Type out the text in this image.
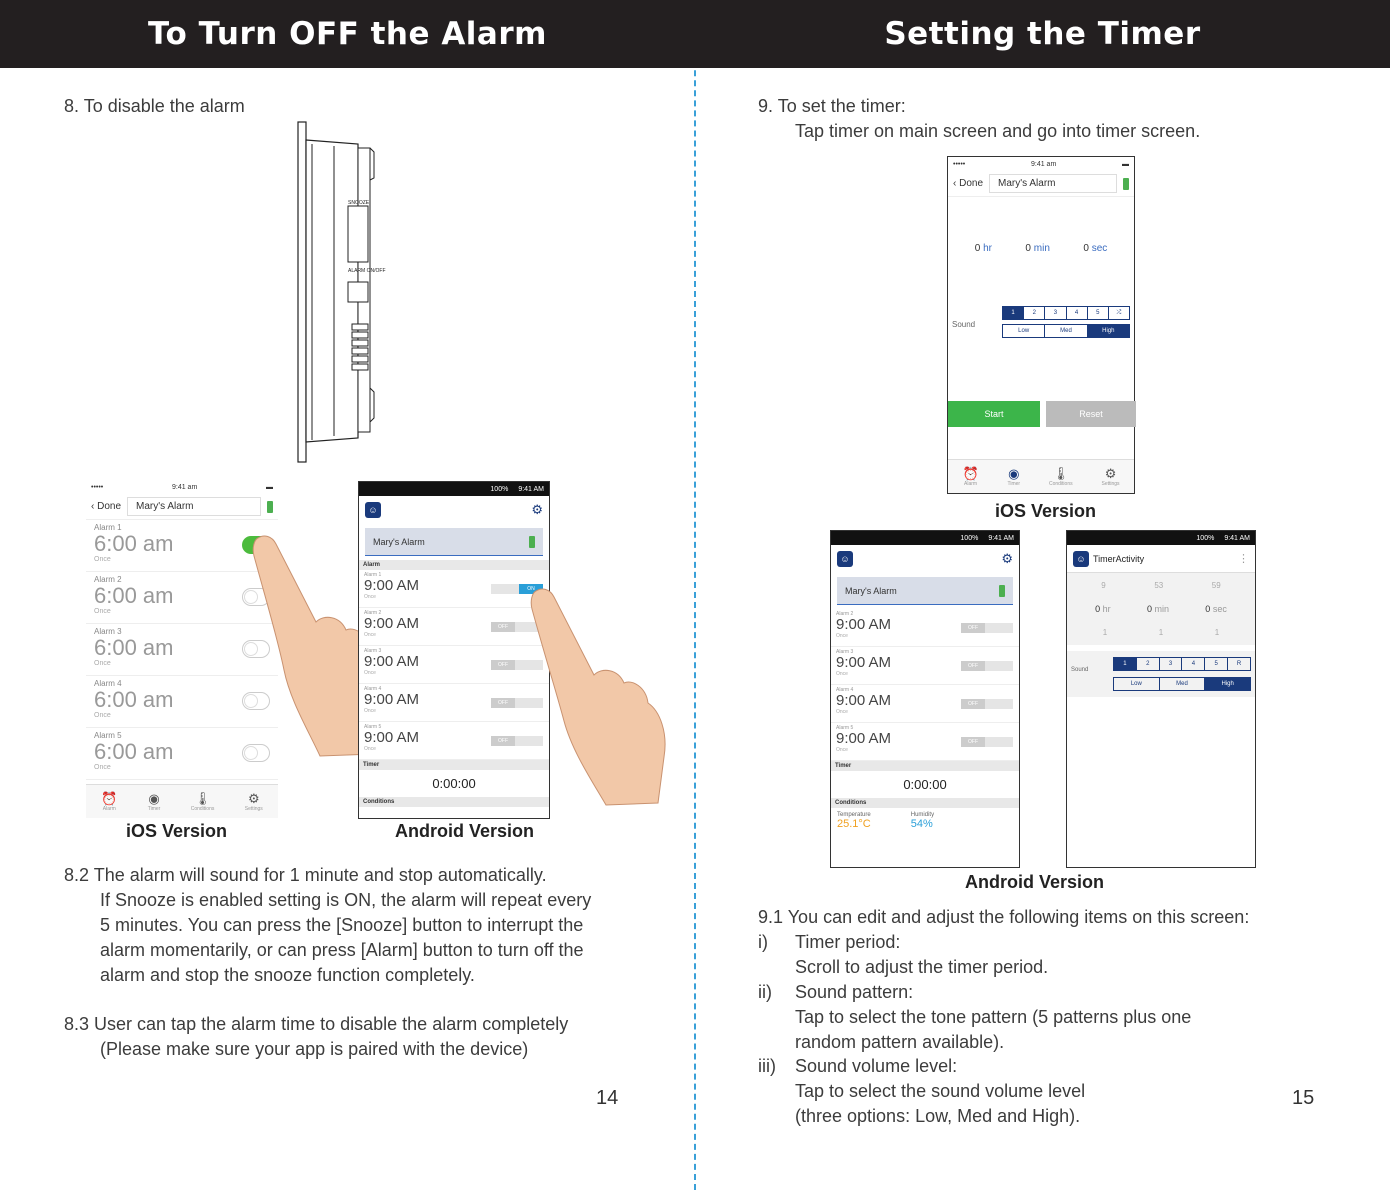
To Turn OFF the Alarm
8. To disable the alarm
SNOOZE
ALARM ON/OFF
•••••	9:41 am	▬
‹ Done	Mary's Alarm
Alarm 1
6:00 am
Once
Alarm 2
6:00 am
Once
Alarm 3
6:00 am
Once
Alarm 4
6:00 am
Once
Alarm 5
6:00 am
Once
⏰
Alarm
◉
Timer
🌡
Conditions
⚙
Settings
100% 9:41 AM
☺	⚙
Mary's Alarm
Alarm
Alarm 1
9:00 AM
Once
ON
Alarm 2
9:00 AM
Once
OFF
Alarm 3
9:00 AM
Once
OFF
Alarm 4
9:00 AM
Once
OFF
Alarm 5
9:00 AM
Once
OFF
Timer
0:00:00
Conditions
iOS Version	Android Version
8.2 The alarm will sound for 1 minute and stop automatically.
If Snooze is enabled setting is ON, the alarm will repeat every
5 minutes. You can press the [Snooze] button to interrupt the
alarm momentarily, or can press [Alarm] button to turn off the
alarm and stop the snooze function completely.
8.3 User can tap the alarm time to disable the alarm completely
(Please make sure your app is paired with the device)
14
Setting the Timer
9. To set the timer:
Tap timer on main screen and go into timer screen.
•••••	9:41 am	▬
‹ Done	Mary's Alarm
0 hr	0 min	0 sec
Sound
1	2	3	4	5	⤮
Low	Med	High
Start	Reset
⏰
Alarm
◉
Timer
🌡
Conditions
⚙
Settings
iOS Version
100% 9:41 AM
☺	⚙
Mary's Alarm
Alarm 2
9:00 AM
Once
OFF
Alarm 3
9:00 AM
Once
OFF
Alarm 4
9:00 AM
Once
OFF
Alarm 5
9:00 AM
Once
OFF
Timer
0:00:00
Conditions
Temperature
25.1°C
Humidity
54%
100% 9:41 AM
☺ TimerActivity	⋮
9	53	59
0 hr	0 min	0 sec
1	1	1
Sound
1	2	3	4	5	R
Low	Med	High
Android Version
9.1 You can edit and adjust the following items on this screen:
i) Timer period:
Scroll to adjust the timer period.
ii) Sound pattern:
Tap to select the tone pattern (5 patterns plus one
random pattern available).
iii) Sound volume level:
Tap to select the sound volume level
(three options: Low, Med and High).
15
